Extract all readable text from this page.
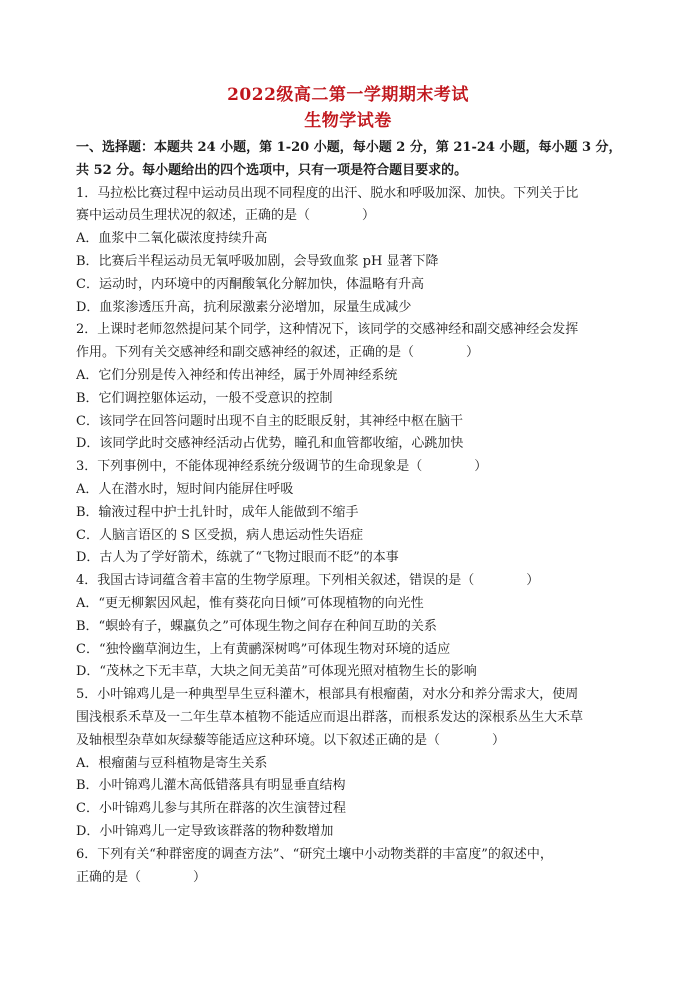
2022级高二第一学期期末考试
生物学试卷
一、选择题：本题共 24 小题，第 1-20 小题，每小题 2 分，第 21-24 小题，每小题 3 分，
共 52 分。每小题给出的四个选项中，只有一项是符合题目要求的。
1．马拉松比赛过程中运动员出现不同程度的出汗、脱水和呼吸加深、加快。下列关于比
赛中运动员生理状况的叙述，正确的是（	）
A．血浆中二氧化碳浓度持续升高
B．比赛后半程运动员无氧呼吸加剧，会导致血浆 pH 显著下降
C．运动时，内环境中的丙酮酸氧化分解加快，体温略有升高
D．血浆渗透压升高，抗利尿激素分泌增加，尿量生成减少
2．上课时老师忽然提问某个同学，这种情况下，该同学的交感神经和副交感神经会发挥
作用。下列有关交感神经和副交感神经的叙述，正确的是（	）
A．它们分别是传入神经和传出神经，属于外周神经系统
B．它们调控躯体运动，一般不受意识的控制
C．该同学在回答问题时出现不自主的眨眼反射，其神经中枢在脑干
D．该同学此时交感神经活动占优势，瞳孔和血管都收缩，心跳加快
3．下列事例中，不能体现神经系统分级调节的生命现象是（	）
A．人在潜水时，短时间内能屏住呼吸
B．输液过程中护士扎针时，成年人能做到不缩手
C．人脑言语区的 S 区受损，病人患运动性失语症
D．古人为了学好箭术，练就了“飞物过眼而不眨”的本事
4．我国古诗词蕴含着丰富的生物学原理。下列相关叙述，错误的是（	）
A．“更无柳絮因风起，惟有葵花向日倾”可体现植物的向光性
B．“螟蛉有子，蜾蠃负之”可体现生物之间存在种间互助的关系
C．“独怜幽草涧边生，上有黄鹂深树鸣”可体现生物对环境的适应
D．“茂林之下无丰草，大块之间无美苗”可体现光照对植物生长的影响
5．小叶锦鸡儿是一种典型旱生豆科灌木，根部具有根瘤菌，对水分和养分需求大，使周
围浅根系禾草及一二年生草本植物不能适应而退出群落，而根系发达的深根系丛生大禾草
及轴根型杂草如灰绿藜等能适应这种环境。以下叙述正确的是（	）
A．根瘤菌与豆科植物是寄生关系
B．小叶锦鸡儿灌木高低错落具有明显垂直结构
C．小叶锦鸡儿参与其所在群落的次生演替过程
D．小叶锦鸡儿一定导致该群落的物种数增加
6．下列有关“种群密度的调查方法”、“研究土壤中小动物类群的丰富度”的叙述中，
正确的是（	）
